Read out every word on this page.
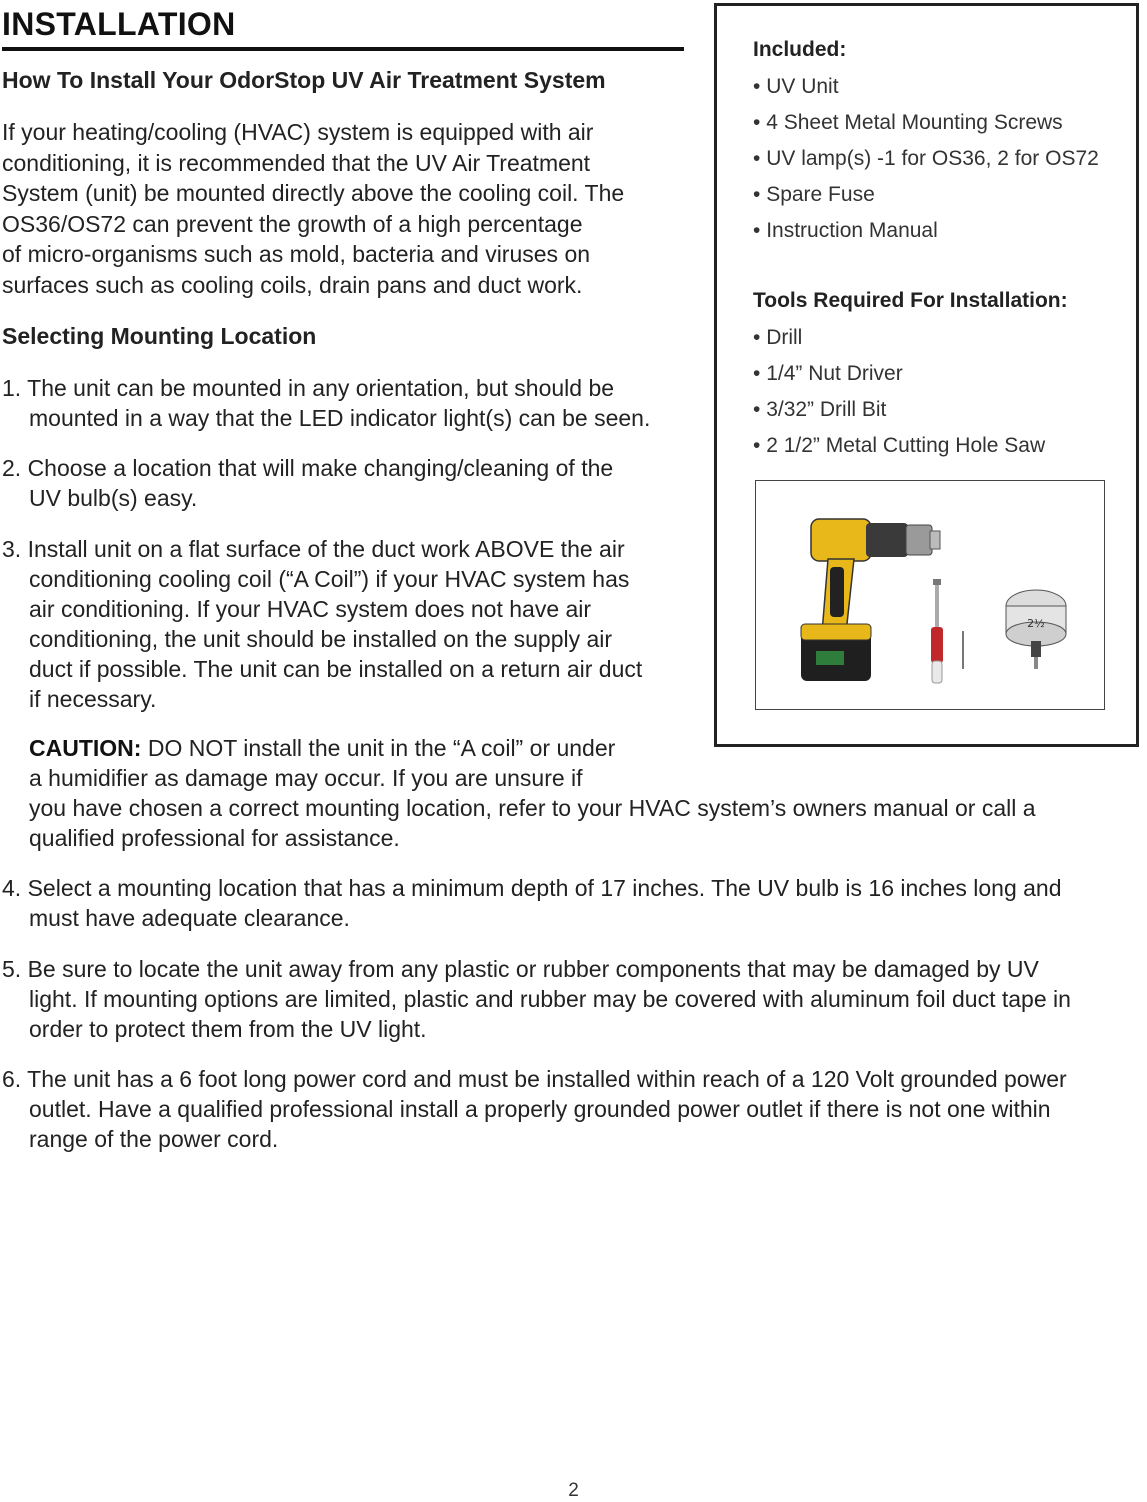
INSTALLATION
How To Install Your OdorStop UV Air Treatment System

If your heating/cooling (HVAC) system is equipped with air
conditioning, it is recommended that the UV Air Treatment
System (unit) be mounted directly above the cooling coil. The
OS36/OS72 can prevent the growth of a high percentage
of micro-organisms such as mold, bacteria and viruses on
surfaces such as cooling coils, drain pans and duct work.

Selecting Mounting Location

1. The unit can be mounted in any orientation, but should be
mounted in a way that the LED indicator light(s) can be seen.

2. Choose a location that will make changing/cleaning of the
UV bulb(s) easy.

3. Install unit on a flat surface of the duct work ABOVE the air
conditioning cooling coil (“A Coil”) if your HVAC system has
air conditioning. If your HVAC system does not have air
conditioning, the unit should be installed on the supply air
duct if possible. The unit can be installed on a return air duct
if necessary.

CAUTION: DO NOT install the unit in the “A coil” or under
a humidifier as damage may occur. If you are unsure if
you have chosen a correct mounting location, refer to your HVAC system’s owners manual or call a
qualified professional for assistance.

4. Select a mounting location that has a minimum depth of 17 inches. The UV bulb is 16 inches long and
must have adequate clearance.

5. Be sure to locate the unit away from any plastic or rubber components that may be damaged by UV
light. If mounting options are limited, plastic and rubber may be covered with aluminum foil duct tape in
order to protect them from the UV light.

6. The unit has a 6 foot long power cord and must be installed within reach of a 120 Volt grounded power
outlet. Have a qualified professional install a properly grounded power outlet if there is not one within
range of the power cord.

Included:
• UV Unit
• 4 Sheet Metal Mounting Screws
• UV lamp(s) -1 for OS36, 2 for OS72
• Spare Fuse
• Instruction Manual
Tools Required For Installation:
• Drill
• 1/4” Nut Driver
• 3/32” Drill Bit
• 2 1/2” Metal Cutting Hole Saw
2½
2
